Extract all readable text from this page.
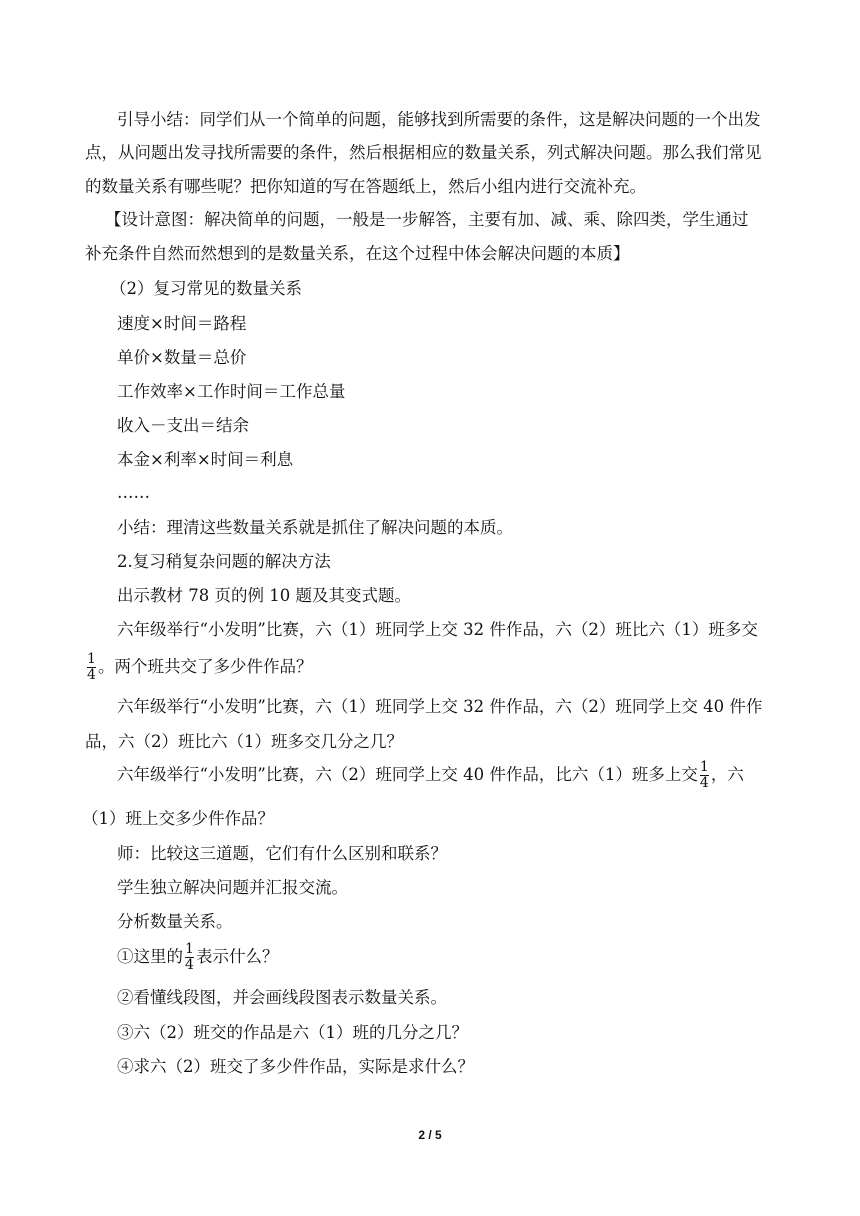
引导小结：同学们从一个简单的问题，能够找到所需要的条件，这是解决问题的一个出发
点，从问题出发寻找所需要的条件，然后根据相应的数量关系，列式解决问题。那么我们常见
的数量关系有哪些呢？把你知道的写在答题纸上，然后小组内进行交流补充。
【设计意图：解决简单的问题，一般是一步解答，主要有加、减、乘、除四类，学生通过
补充条件自然而然想到的是数量关系，在这个过程中体会解决问题的本质】
（2）复习常见的数量关系
速度×时间＝路程
单价×数量＝总价
工作效率×工作时间＝工作总量
收入－支出＝结余
本金×利率×时间＝利息
……
小结：理清这些数量关系就是抓住了解决问题的本质。
2.复习稍复杂问题的解决方法
出示教材 78 页的例 10 题及其变式题。
六年级举行“小发明”比赛，六（1）班同学上交 32 件作品，六（2）班比六（1）班多交
$\frac{1}{4}$ 。两个班共交了多少件作品？
六年级举行“小发明”比赛，六（1）班同学上交 32 件作品，六（2）班同学上交 40 件作
品，六（2）班比六（1）班多交几分之几？
六年级举行“小发明”比赛，六（2）班同学上交 40 件作品，比六（1）班多上交 $\frac{1}{4}$ ，六
（1）班上交多少件作品？
师：比较这三道题，它们有什么区别和联系？
学生独立解决问题并汇报交流。
分析数量关系。
①这里的 $\frac{1}{4}$ 表示什么？
②看懂线段图，并会画线段图表示数量关系。
③六（2）班交的作品是六（1）班的几分之几？
④求六（2）班交了多少件作品，实际是求什么？
2 / 5
